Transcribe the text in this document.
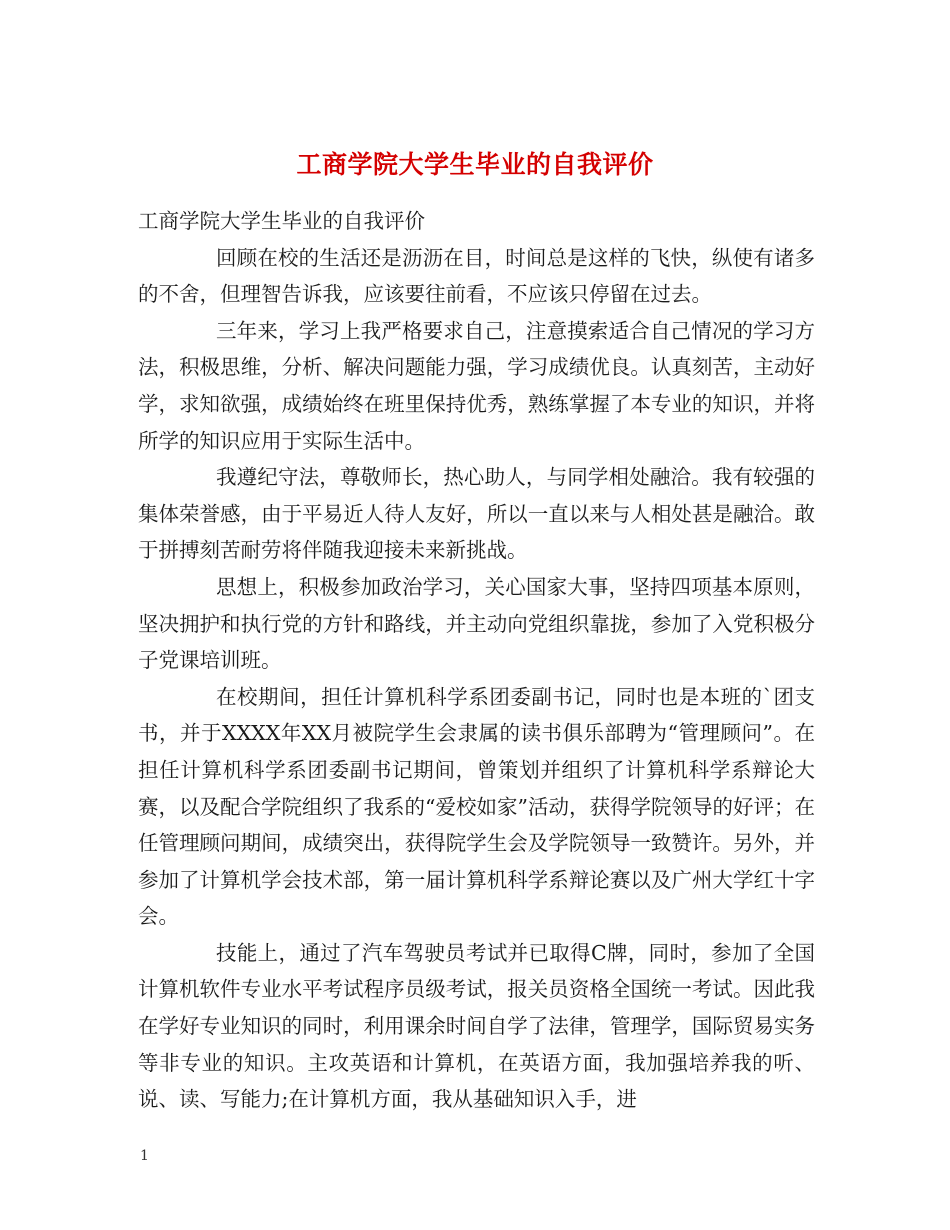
工商学院大学生毕业的自我评价

工商学院大学生毕业的自我评价

回顾在校的生活还是沥沥在目，时间总是这样的飞快，纵使有诸多的不舍，但理智告诉我，应该要往前看，不应该只停留在过去。

三年来，学习上我严格要求自己，注意摸索适合自己情况的学习方法，积极思维，分析、解决问题能力强，学习成绩优良。认真刻苦，主动好学，求知欲强，成绩始终在班里保持优秀，熟练掌握了本专业的知识，并将所学的知识应用于实际生活中。

我遵纪守法，尊敬师长，热心助人，与同学相处融洽。我有较强的集体荣誉感，由于平易近人待人友好，所以一直以来与人相处甚是融洽。敢于拼搏刻苦耐劳将伴随我迎接未来新挑战。

思想上，积极参加政治学习，关心国家大事，坚持四项基本原则，坚决拥护和执行党的方针和路线，并主动向党组织靠拢，参加了入党积极分子党课培训班。

在校期间，担任计算机科学系团委副书记，同时也是本班的`团支书，并于XXXX年XX月被院学生会隶属的读书俱乐部聘为“管理顾问”。在担任计算机科学系团委副书记期间，曾策划并组织了计算机科学系辩论大赛，以及配合学院组织了我系的“爱校如家”活动，获得学院领导的好评；在任管理顾问期间，成绩突出，获得院学生会及学院领导一致赞许。另外，并参加了计算机学会技术部，第一届计算机科学系辩论赛以及广州大学红十字会。

技能上，通过了汽车驾驶员考试并已取得C牌，同时，参加了全国计算机软件专业水平考试程序员级考试，报关员资格全国统一考试。因此我在学好专业知识的同时，利用课余时间自学了法律，管理学，国际贸易实务等非专业的知识。主攻英语和计算机，在英语方面，我加强培养我的听、说、读、写能力;在计算机方面，我从基础知识入手，进

1
